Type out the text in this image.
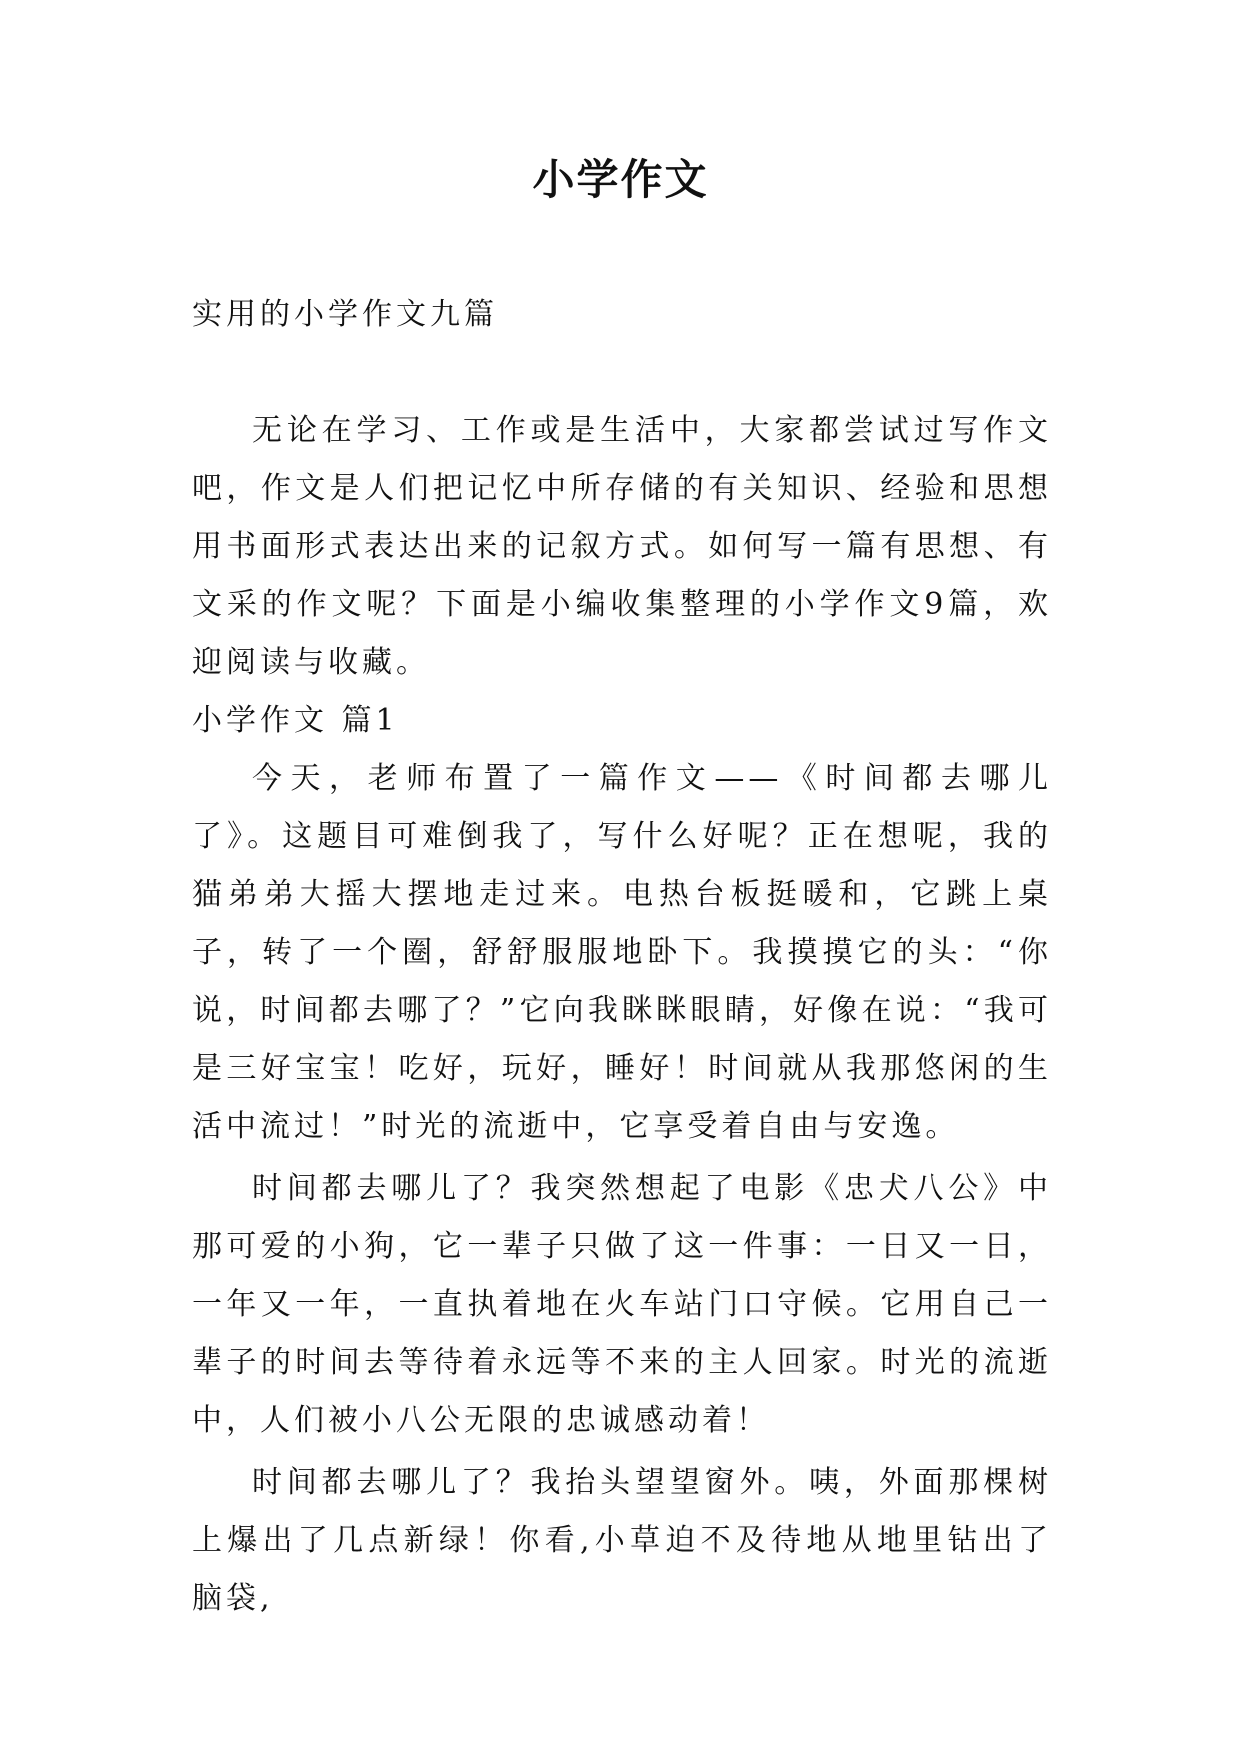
小学作文

实用的小学作文九篇

无论在学习、工作或是生活中，大家都尝试过写作文吧，作文是人们把记忆中所存储的有关知识、经验和思想用书面形式表达出来的记叙方式。如何写一篇有思想、有文采的作文呢？下面是小编收集整理的小学作文9篇，欢迎阅读与收藏。

小学作文 篇1

今天，老师布置了一篇作文——《时间都去哪儿了》。这题目可难倒我了，写什么好呢？正在想呢，我的猫弟弟大摇大摆地走过来。电热台板挺暖和，它跳上桌子，转了一个圈，舒舒服服地卧下。我摸摸它的头：“你说，时间都去哪了？”它向我眯眯眼睛，好像在说：“我可是三好宝宝！吃好，玩好，睡好！时间就从我那悠闲的生活中流过！”时光的流逝中，它享受着自由与安逸。

时间都去哪儿了？我突然想起了电影《忠犬八公》中那可爱的小狗，它一辈子只做了这一件事：一日又一日，一年又一年，一直执着地在火车站门口守候。它用自己一辈子的时间去等待着永远等不来的主人回家。时光的流逝中，人们被小八公无限的忠诚感动着！

时间都去哪儿了？我抬头望望窗外。咦，外面那棵树上爆出了几点新绿！你看,小草迫不及待地从地里钻出了脑袋,
